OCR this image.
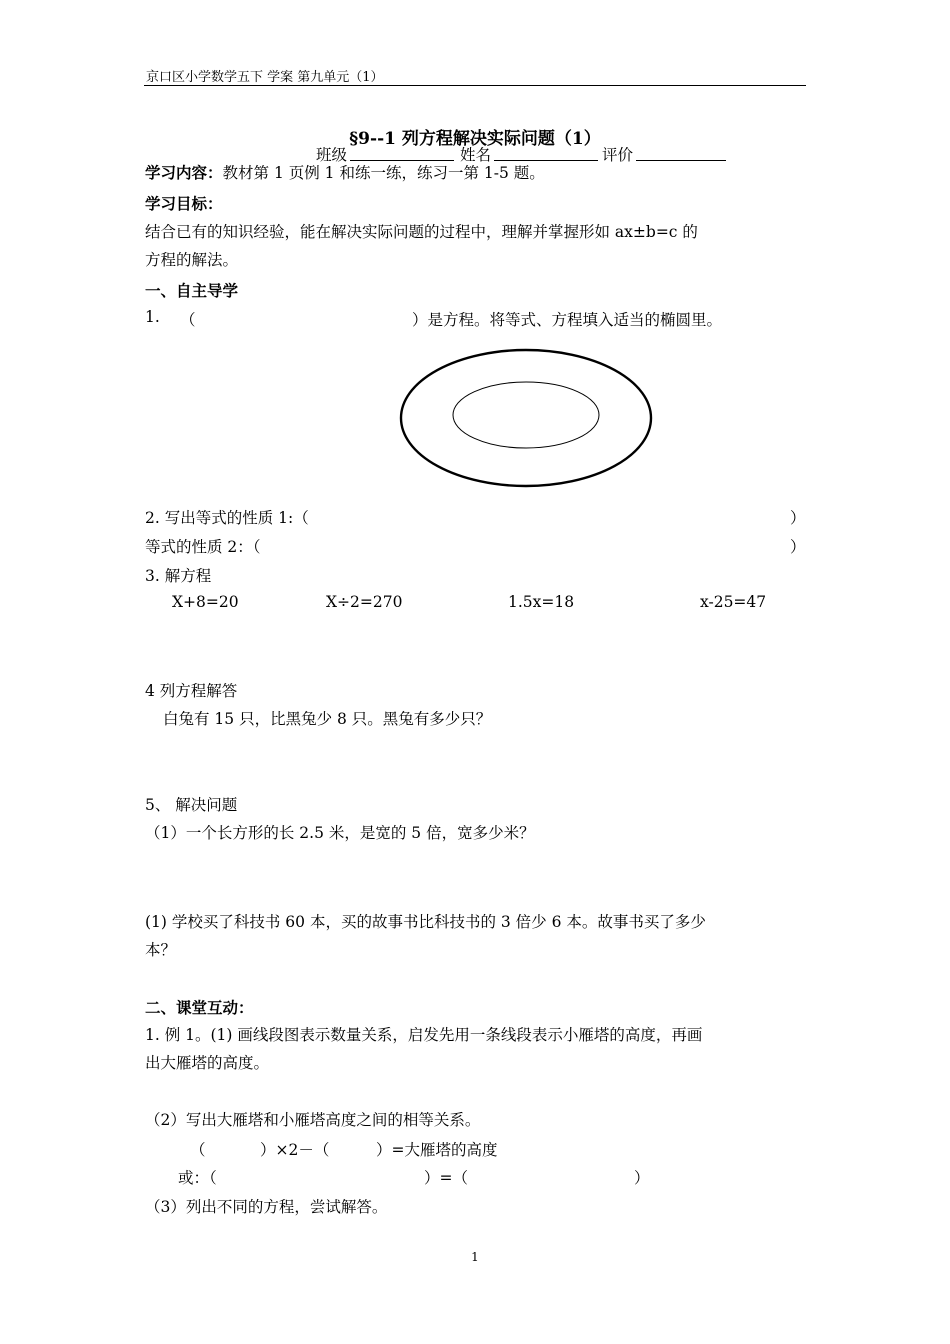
京口区小学数学五下 学案 第九单元（1）
§9--1 列方程解决实际问题（1）
班级	姓名	评价
学习内容：教材第 1 页例 1 和练一练，练习一第 1-5 题。
学习目标：
结合已有的知识经验，能在解决实际问题的过程中，理解并掌握形如 ax±b=c 的
方程的解法。
一、自主导学
1. （	）是方程。将等式、方程填入适当的椭圆里。
2. 写出等式的性质 1:（	）
等式的性质 2：（	）
3. 解方程
X+8=20	X÷2=270	1.5x=18	x-25=47
4 列方程解答
白兔有 15 只，比黑兔少 8 只。黑兔有多少只？
5、 解决问题
（1）一个长方形的长 2.5 米，是宽的 5 倍，宽多少米？
(1) 学校买了科技书 60 本，买的故事书比科技书的 3 倍少 6 本。故事书买了多少
本？
二、课堂互动：
1. 例 1。(1) 画线段图表示数量关系，启发先用一条线段表示小雁塔的高度，再画
出大雁塔的高度。
（2）写出大雁塔和小雁塔高度之间的相等关系。
（	）×2－（	）=大雁塔的高度
或：（	）=（	）
（3）列出不同的方程，尝试解答。
1
